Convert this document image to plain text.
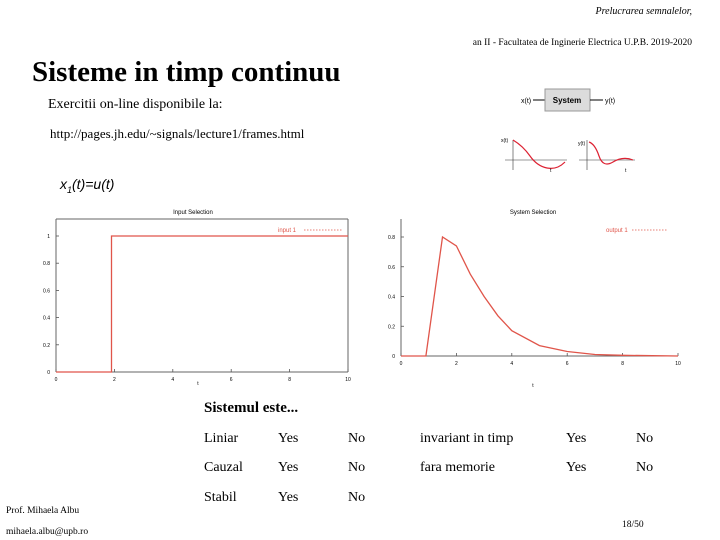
Prelucrarea semnalelor,
an II - Facultatea de Inginerie Electrica U.P.B. 2019-2020
Sisteme in timp continuu
Exercitii on-line disponibile la:
http://pages.jh.edu/~signals/lecture1/frames.html
$x_1(t)=u(t)$
x(t)	System	y(t)
x(t)
t
y(t)
t
Input Selection
input 1
t
0
0.2
0.4
0.6
0.8
1
0	2	4	6	8	10
System Selection
output 1
t
0
0.2
0.4
0.6
0.8
0	2	4	6	8	10
Sistemul este...
Liniar	Yes	No	invariant in timp	Yes	No
Cauzal	Yes	No	fara memorie	Yes	No
Stabil	Yes	No
Prof. Mihaela Albu
mihaela.albu@upb.ro
18/50
